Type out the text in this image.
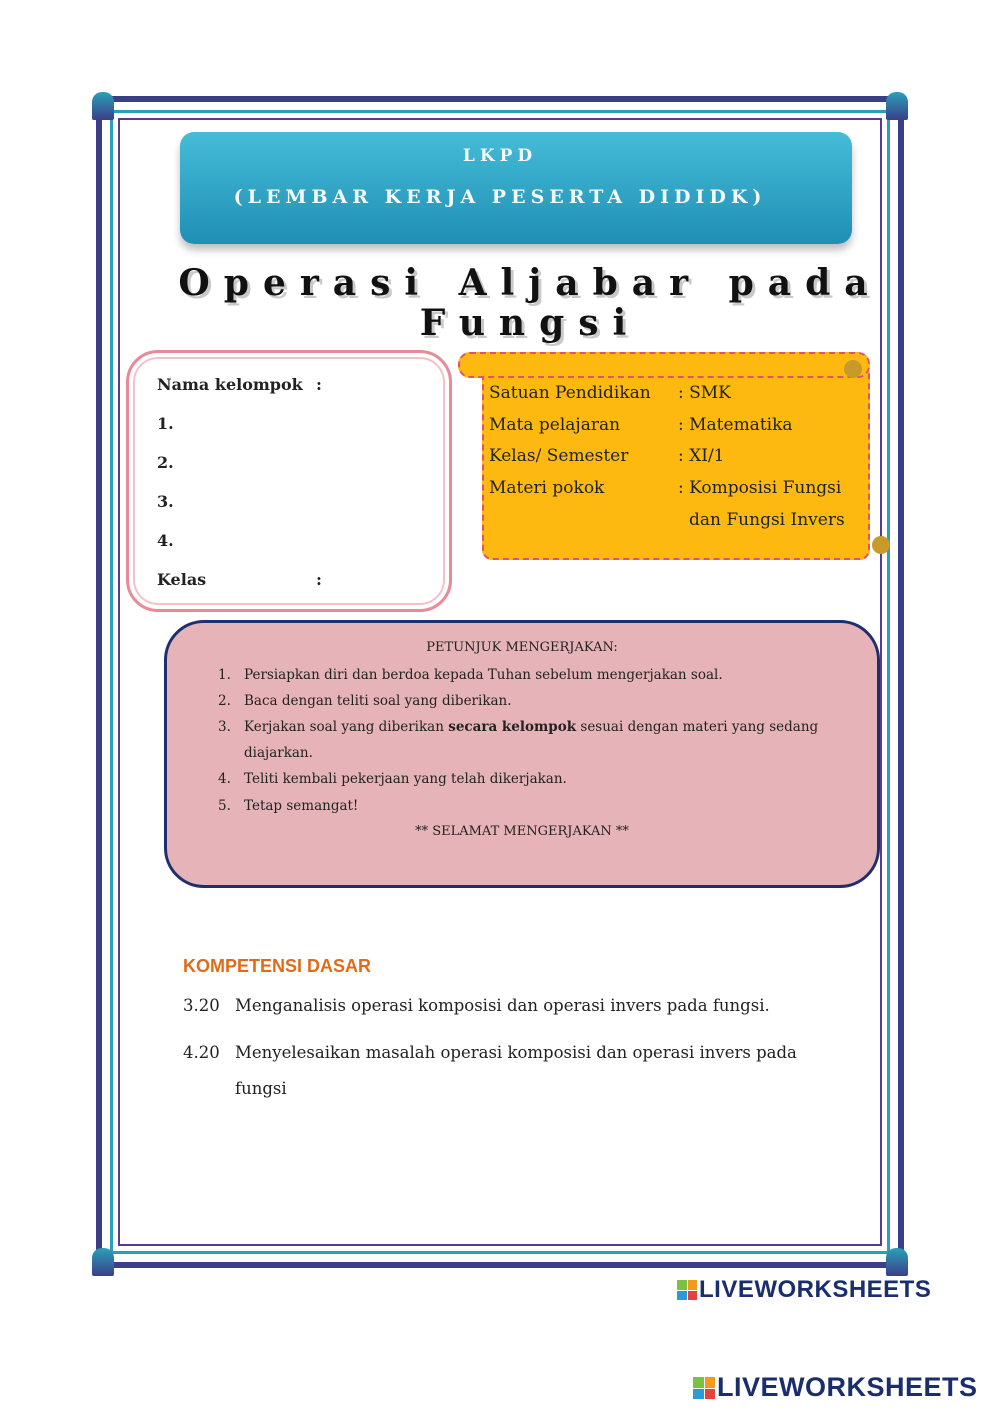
LKPD
(LEMBAR KERJA PESERTA DIDIDK)
Operasi Aljabar pada
Fungsi
Nama kelompok :
1.
2.
3.
4.
Kelas	:
Satuan Pendidikan : SMK
Mata pelajaran	: Matematika
Kelas/ Semester	: XI/1
Materi pokok	: Komposisi Fungsi
dan Fungsi Invers
PETUNJUK MENGERJAKAN:
1. Persiapkan diri dan berdoa kepada Tuhan sebelum mengerjakan soal.
2. Baca dengan teliti soal yang diberikan.
3. Kerjakan soal yang diberikan secara kelompok sesuai dengan materi yang sedang
diajarkan.
4. Teliti kembali pekerjaan yang telah dikerjakan.
5. Tetap semangat!
** SELAMAT MENGERJAKAN **
KOMPETENSI DASAR
3.20 Menganalisis operasi komposisi dan operasi invers pada fungsi.
4.20 Menyelesaikan masalah operasi komposisi dan operasi invers pada fungsi
LIVEWORKSHEETS
LIVEWORKSHEETS
